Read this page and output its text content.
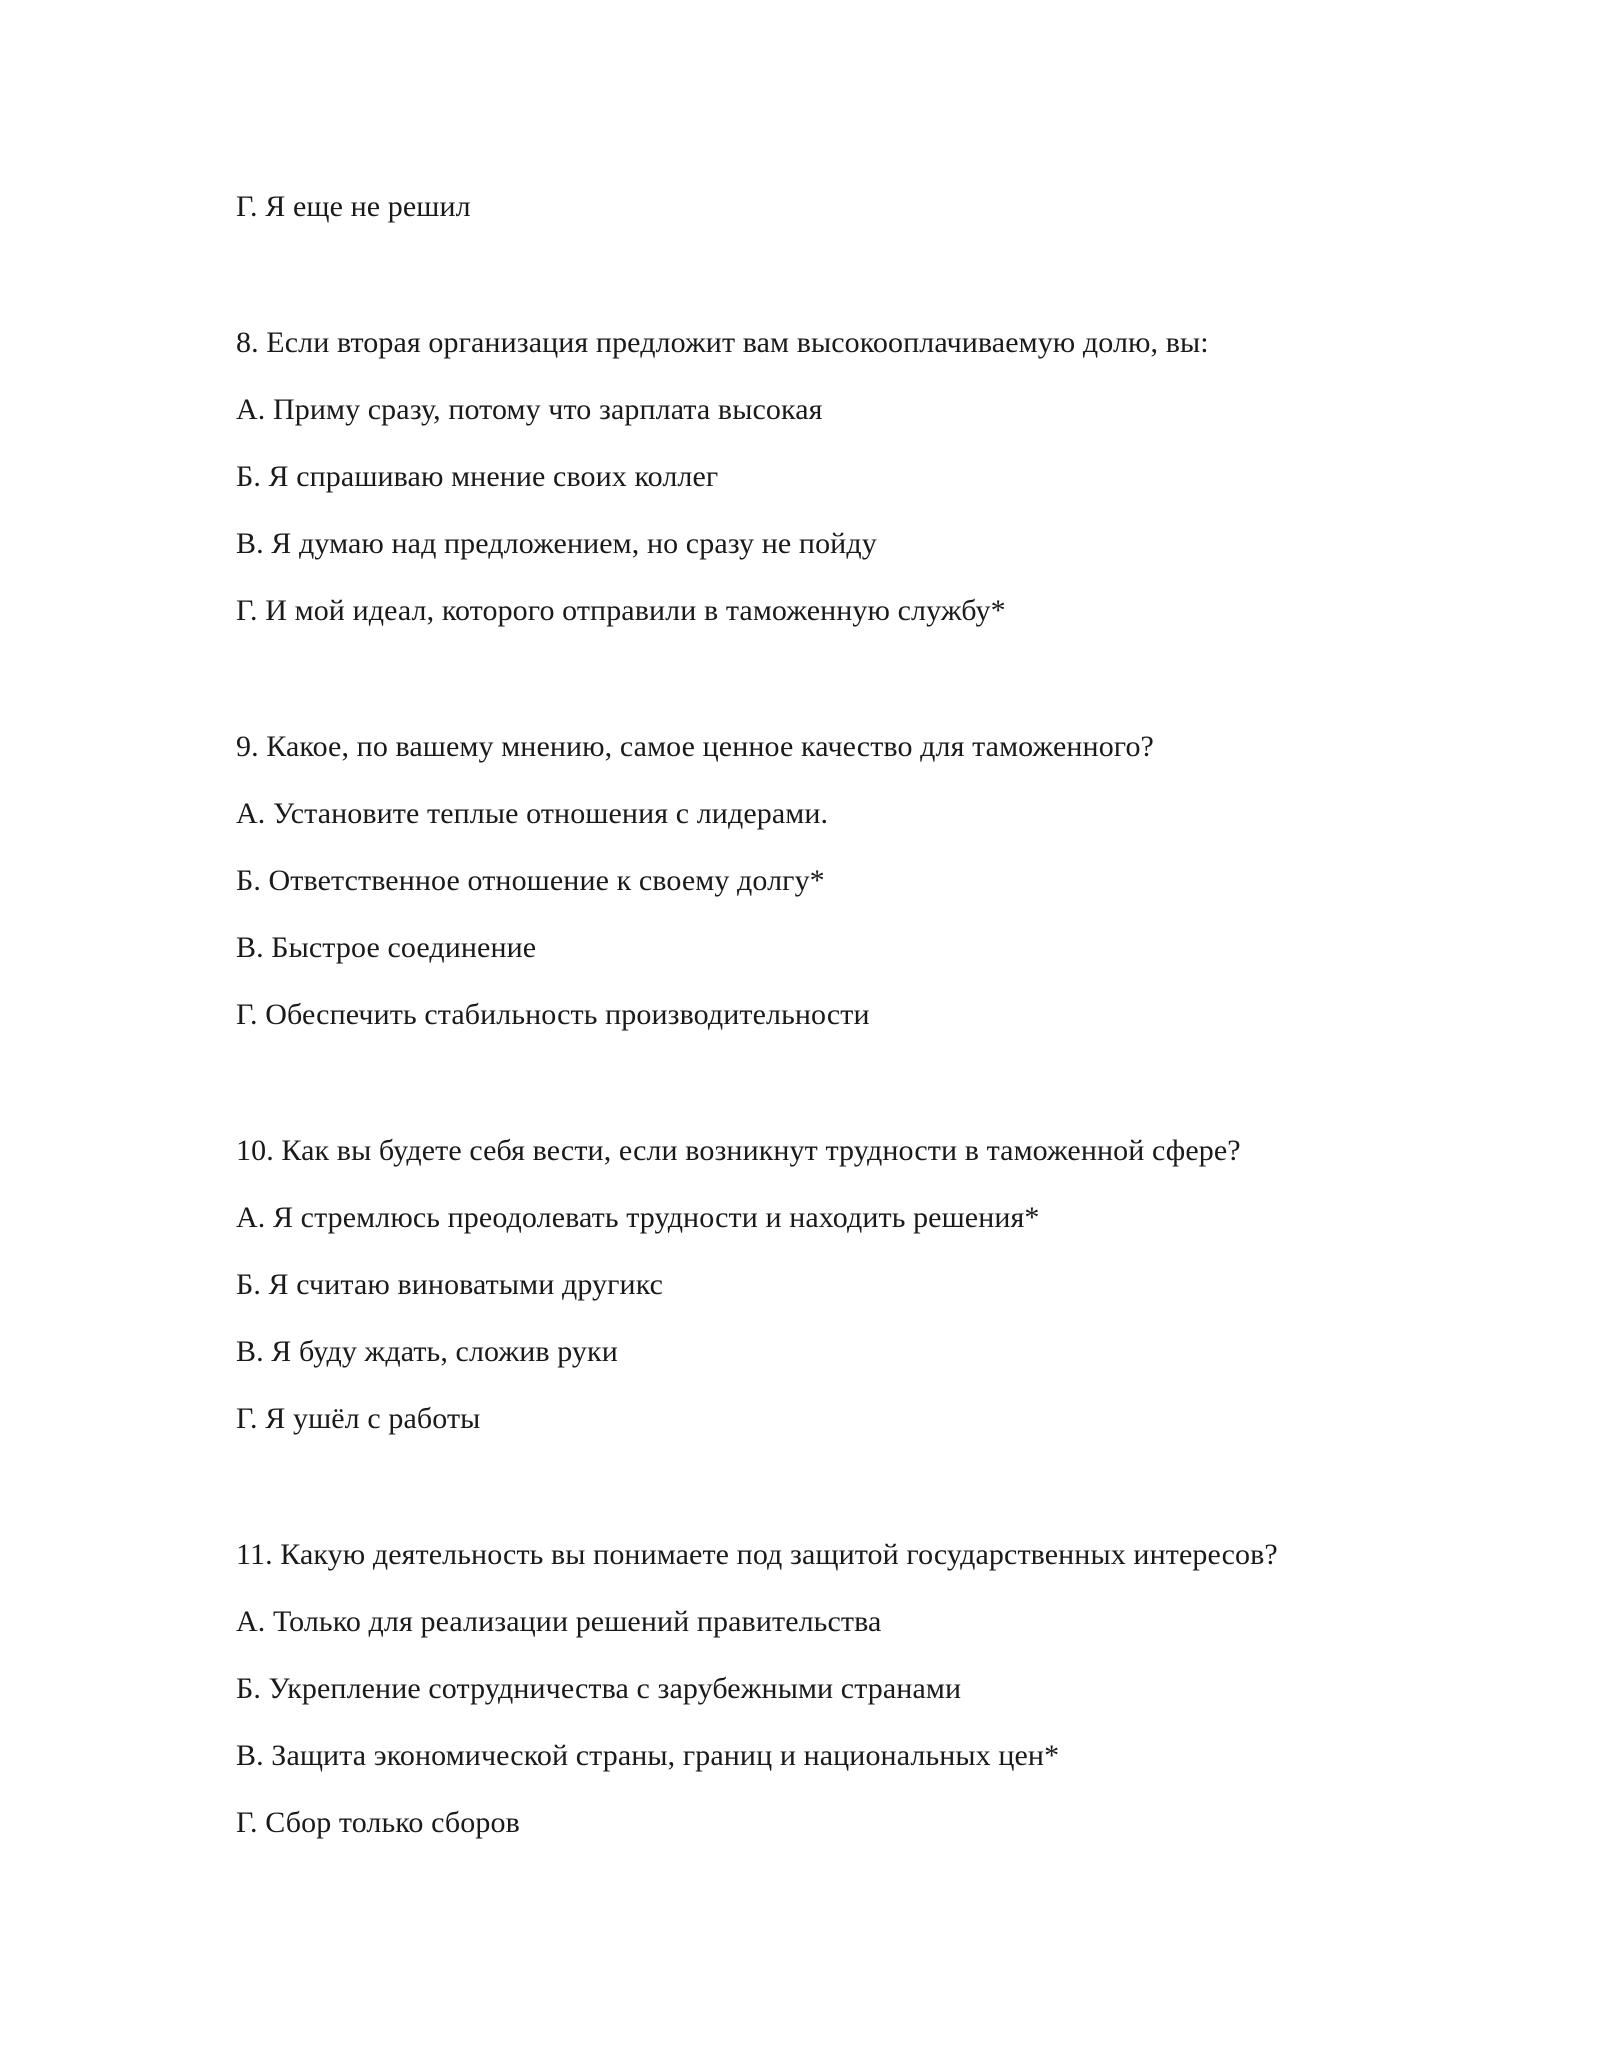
Г. Я еще не решил
8. Если вторая организация предложит вам высокооплачиваемую долю, вы:
А. Приму сразу, потому что зарплата высокая
Б. Я спрашиваю мнение своих коллег
В. Я думаю над предложением, но сразу не пойду
Г. И мой идеал, которого отправили в таможенную службу*
9. Какое, по вашему мнению, самое ценное качество для таможенного?
А. Установите теплые отношения с лидерами.
Б. Ответственное отношение к своему долгу*
В. Быстрое соединение
Г. Обеспечить стабильность производительности
10. Как вы будете себя вести, если возникнут трудности в таможенной сфере?
А. Я стремлюсь преодолевать трудности и находить решения*
Б. Я считаю виноватыми другикс
В. Я буду ждать, сложив руки
Г. Я ушёл с работы
11. Какую деятельность вы понимаете под защитой государственных интересов?
А. Только для реализации решений правительства
Б. Укрепление сотрудничества с зарубежными странами
В. Защита экономической страны, границ и национальных цен*
Г. Сбор только сборов
